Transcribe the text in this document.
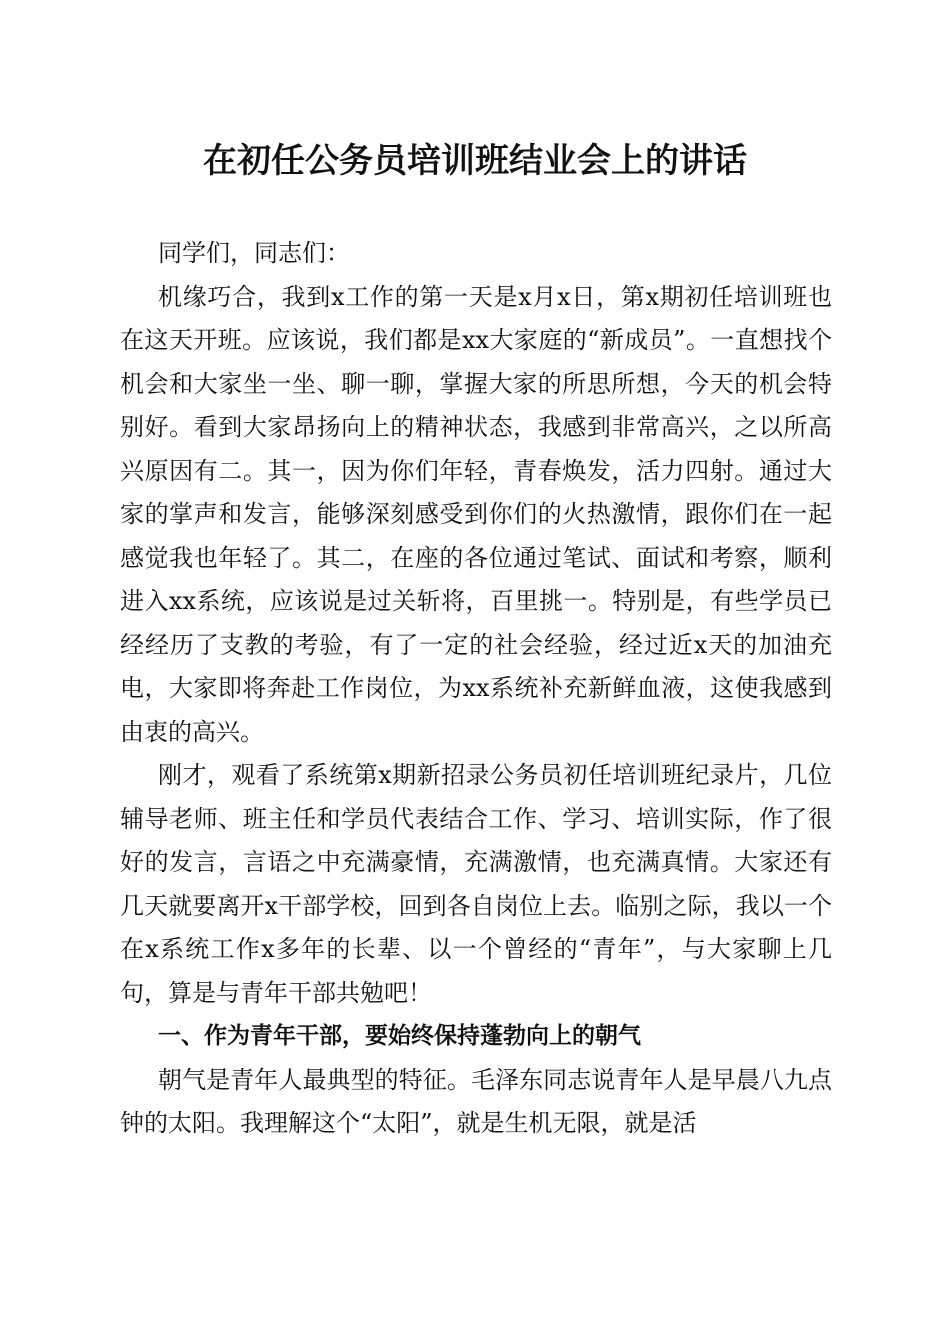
在初任公务员培训班结业会上的讲话

同学们，同志们：

机缘巧合，我到x工作的第一天是x月x日，第x期初任培训班也在这天开班。应该说，我们都是xx大家庭的“新成员”。一直想找个机会和大家坐一坐、聊一聊，掌握大家的所思所想，今天的机会特别好。看到大家昂扬向上的精神状态，我感到非常高兴，之以所高兴原因有二。其一，因为你们年轻，青春焕发，活力四射。通过大家的掌声和发言，能够深刻感受到你们的火热激情，跟你们在一起感觉我也年轻了。其二，在座的各位通过笔试、面试和考察，顺利进入xx系统，应该说是过关斩将，百里挑一。特别是，有些学员已经经历了支教的考验，有了一定的社会经验，经过近x天的加油充电，大家即将奔赴工作岗位，为xx系统补充新鲜血液，这使我感到由衷的高兴。

刚才，观看了系统第x期新招录公务员初任培训班纪录片，几位辅导老师、班主任和学员代表结合工作、学习、培训实际，作了很好的发言，言语之中充满豪情，充满激情，也充满真情。大家还有几天就要离开x干部学校，回到各自岗位上去。临别之际，我以一个在x系统工作x多年的长辈、以一个曾经的“青年”，与大家聊上几句，算是与青年干部共勉吧！

一、作为青年干部，要始终保持蓬勃向上的朝气

朝气是青年人最典型的特征。毛泽东同志说青年人是早晨八九点钟的太阳。我理解这个“太阳”，就是生机无限，就是活
